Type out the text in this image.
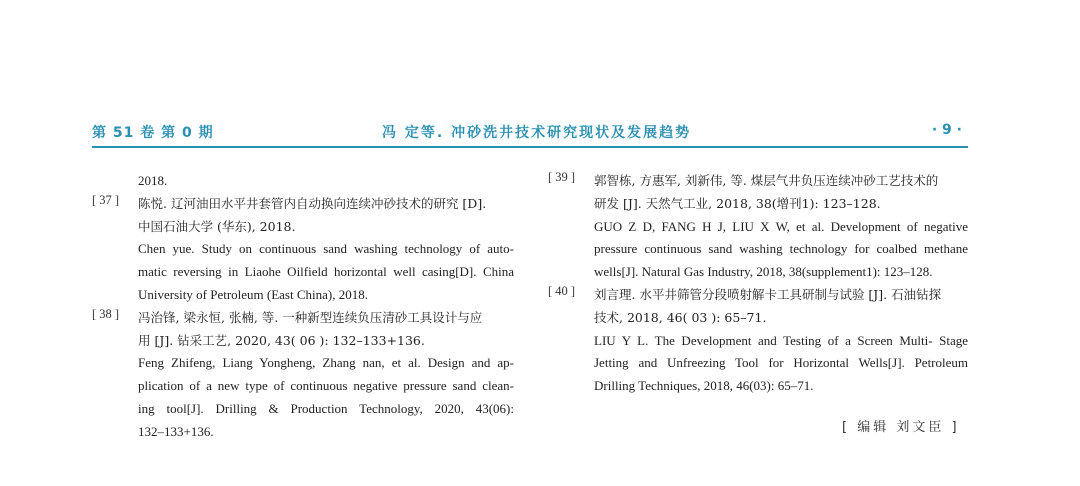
第 51 卷 第 0 期	冯 定等. 冲砂洗井技术研究现状及发展趋势	· 9 ·
2018.
[ 37 ] 陈悦. 辽河油田水平井套管内自动换向连续冲砂技术的研究 [D].
中国石油大学 (华东), 2018.
Chen yue. Study on continuous sand washing technology of auto-
matic reversing in Liaohe Oilfield horizontal well casing[D]. China
University of Petroleum (East China), 2018.
[ 38 ] 冯治锋, 梁永恒, 张楠, 等. 一种新型连续负压清砂工具设计与应
用 [J]. 钻采工艺, 2020, 43( 06 ): 132–133+136.
Feng Zhifeng, Liang Yongheng, Zhang nan, et al. Design and ap-
plication of a new type of continuous negative pressure sand clean-
ing tool[J]. Drilling & Production Technology, 2020, 43(06):
132–133+136.
[ 39 ] 郭智栋, 方惠军, 刘新伟, 等. 煤层气井负压连续冲砂工艺技术的
研发 [J]. 天然气工业, 2018, 38(增刊1): 123–128.
GUO Z D, FANG H J, LIU X W, et al. Development of negative
pressure continuous sand washing technology for coalbed methane
wells[J]. Natural Gas Industry, 2018, 38(supplement1): 123–128.
[ 40 ] 刘言理. 水平井筛管分段喷射解卡工具研制与试验 [J]. 石油钻探
技术, 2018, 46( 03 ): 65–71.
LIU Y L. The Development and Testing of a Screen Multi- Stage
Jetting and Unfreezing Tool for Horizontal Wells[J]. Petroleum
Drilling Techniques, 2018, 46(03): 65–71.
[ 编辑 刘文臣 ]
